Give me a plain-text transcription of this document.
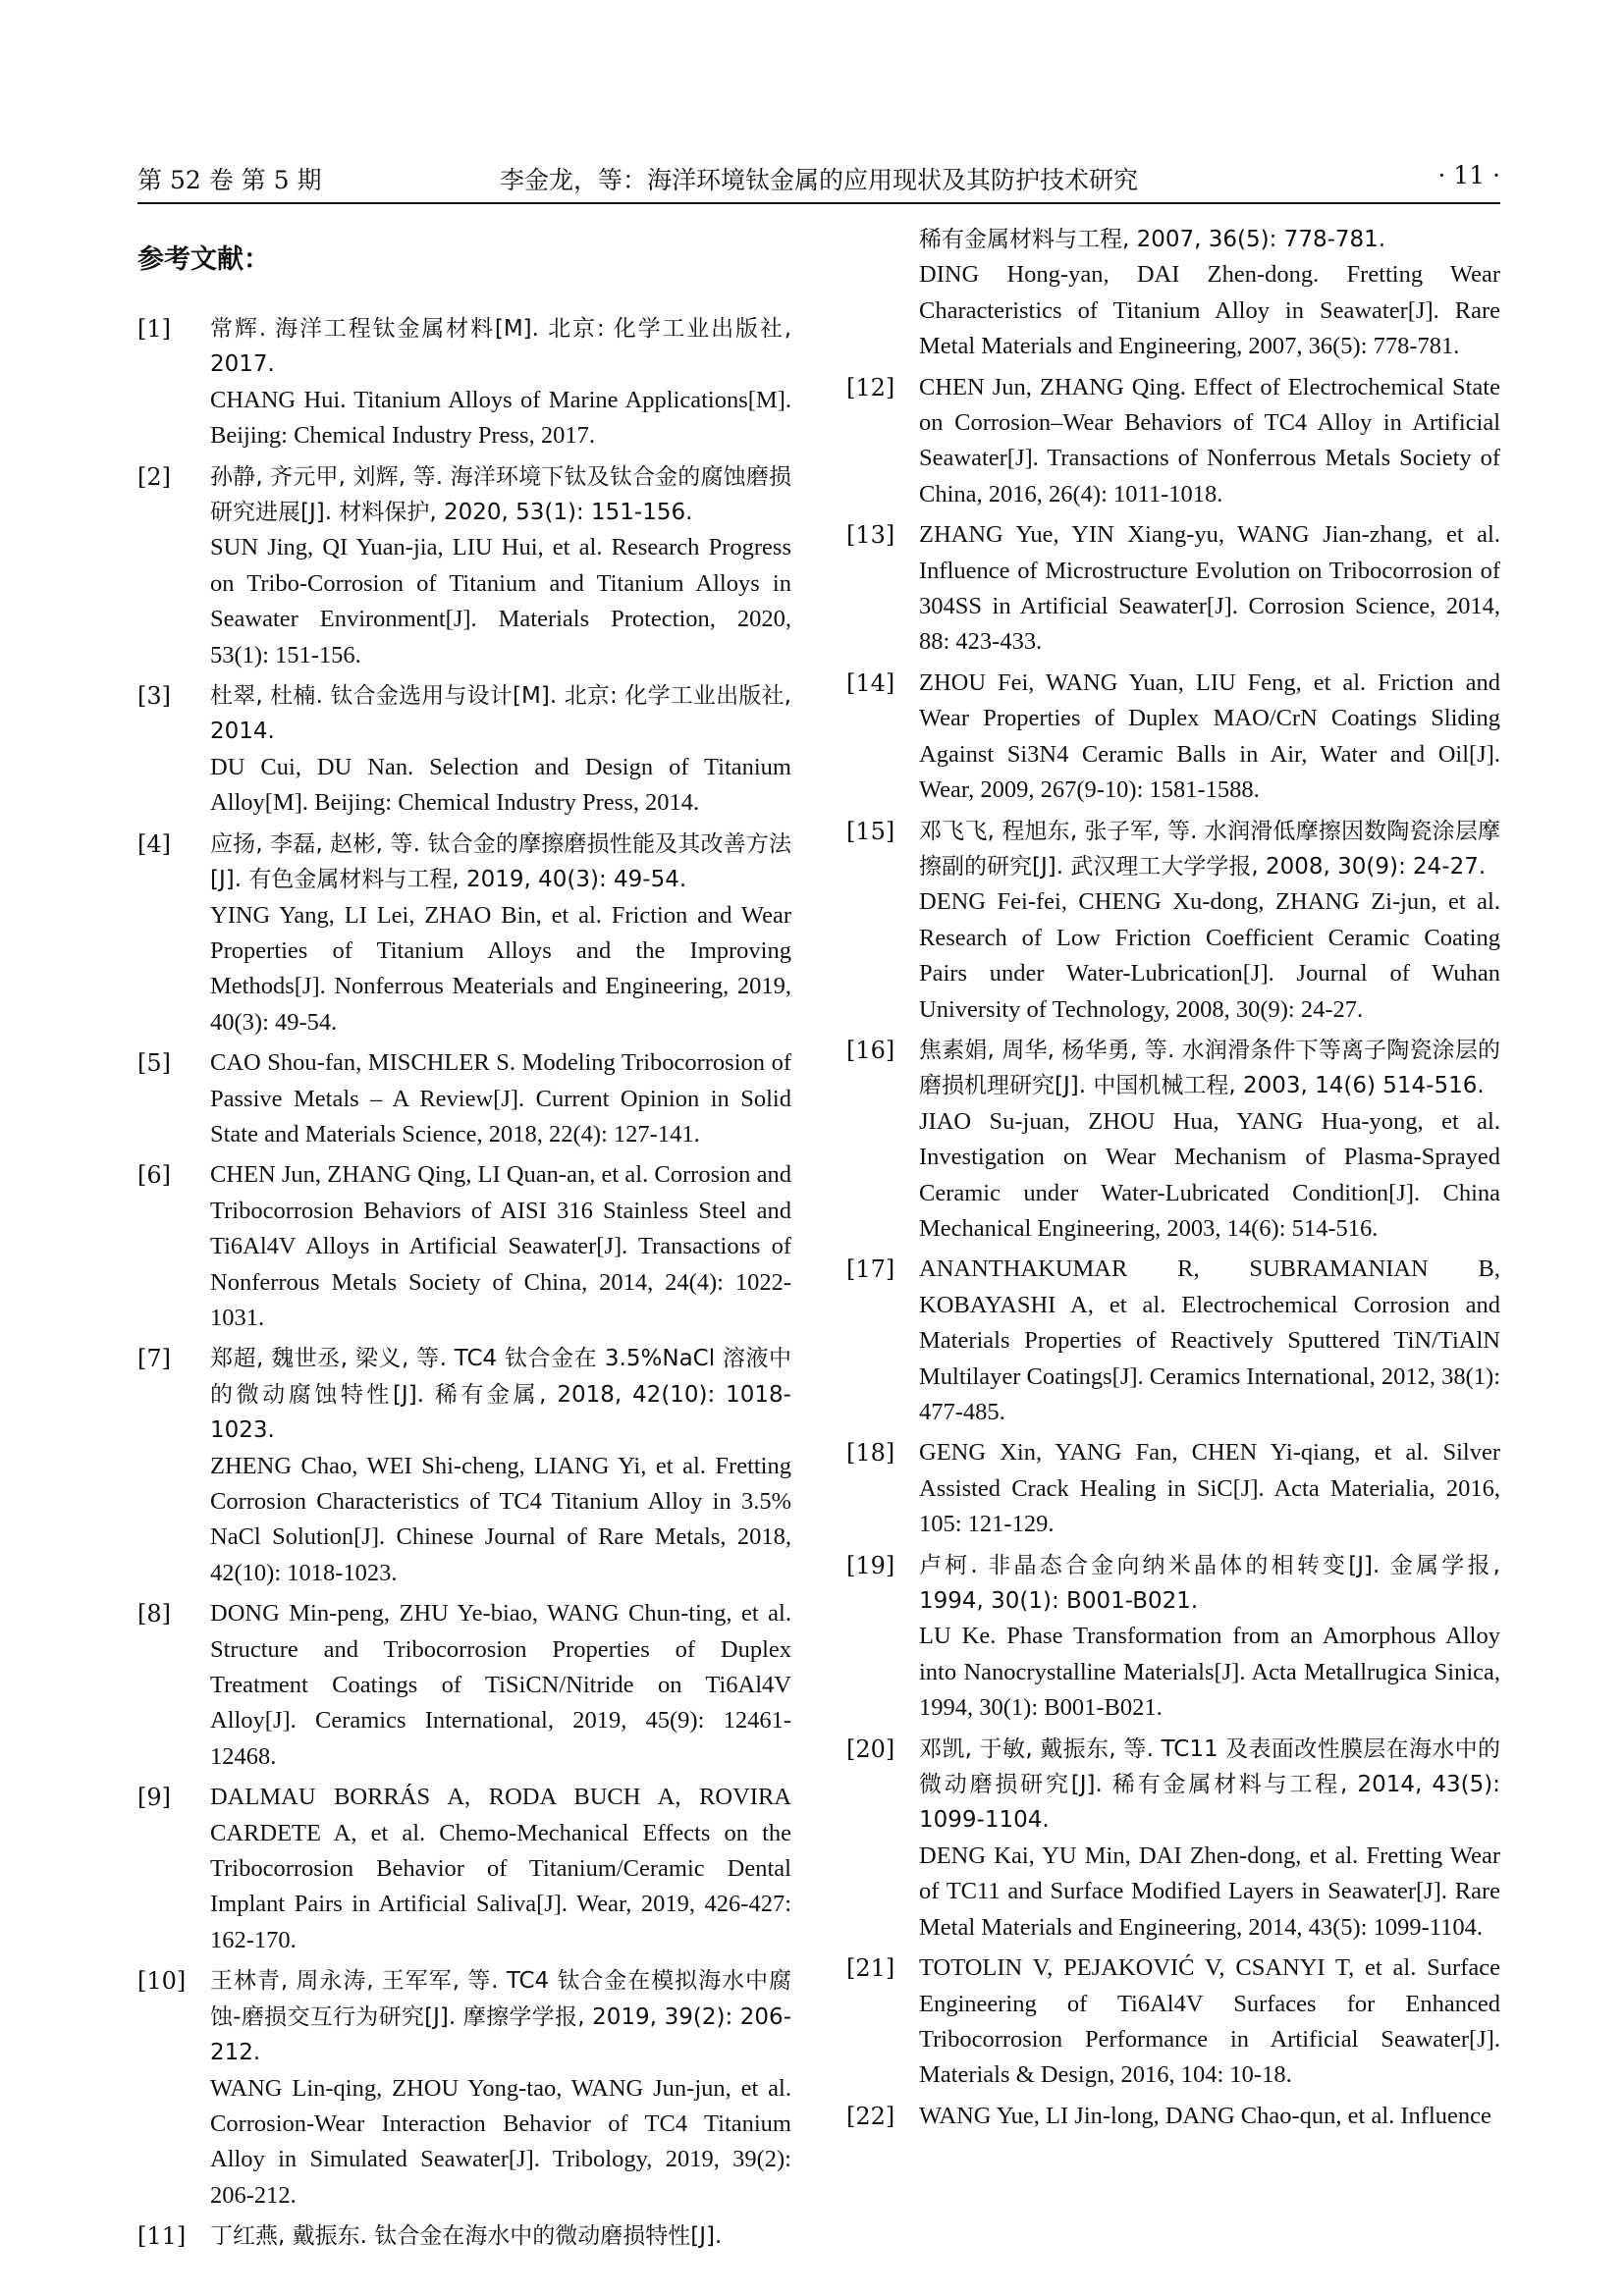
第 52 卷 第 5 期	李金龙，等：海洋环境钛金属的应用现状及其防护技术研究	· 11 ·
参考文献：
[1] 常辉. 海洋工程钛金属材料[M]. 北京: 化学工业出版社, 2017.

CHANG Hui. Titanium Alloys of Marine Applications[M]. Beijing: Chemical Industry Press, 2017.

[2] 孙静, 齐元甲, 刘辉, 等. 海洋环境下钛及钛合金的腐蚀磨损研究进展[J]. 材料保护, 2020, 53(1): 151-156.

SUN Jing, QI Yuan-jia, LIU Hui, et al. Research Progress on Tribo-Corrosion of Titanium and Titanium Alloys in Seawater Environment[J]. Materials Protection, 2020, 53(1): 151-156.

[3] 杜翠, 杜楠. 钛合金选用与设计[M]. 北京: 化学工业出版社, 2014.

DU Cui, DU Nan. Selection and Design of Titanium Alloy[M]. Beijing: Chemical Industry Press, 2014.

[4] 应扬, 李磊, 赵彬, 等. 钛合金的摩擦磨损性能及其改善方法[J]. 有色金属材料与工程, 2019, 40(3): 49-54.

YING Yang, LI Lei, ZHAO Bin, et al. Friction and Wear Properties of Titanium Alloys and the Improving Methods[J]. Nonferrous Meaterials and Engineering, 2019, 40(3): 49-54.

[5] CAO Shou-fan, MISCHLER S. Modeling Tribocorrosion of Passive Metals – A Review[J]. Current Opinion in Solid State and Materials Science, 2018, 22(4): 127-141.

[6] CHEN Jun, ZHANG Qing, LI Quan-an, et al. Corrosion and Tribocorrosion Behaviors of AISI 316 Stainless Steel and Ti6Al4V Alloys in Artificial Seawater[J]. Transactions of Nonferrous Metals Society of China, 2014, 24(4): 1022-1031.

[7] 郑超, 魏世丞, 梁义, 等. TC4 钛合金在 3.5%NaCl 溶液中的微动腐蚀特性[J]. 稀有金属, 2018, 42(10): 1018-1023.

ZHENG Chao, WEI Shi-cheng, LIANG Yi, et al. Fretting Corrosion Characteristics of TC4 Titanium Alloy in 3.5% NaCl Solution[J]. Chinese Journal of Rare Metals, 2018, 42(10): 1018-1023.

[8] DONG Min-peng, ZHU Ye-biao, WANG Chun-ting, et al. Structure and Tribocorrosion Properties of Duplex Treatment Coatings of TiSiCN/Nitride on Ti6Al4V Alloy[J]. Ceramics International, 2019, 45(9): 12461-12468.

[9] DALMAU BORRÁS A, RODA BUCH A, ROVIRA CARDETE A, et al. Chemo-Mechanical Effects on the Tribocorrosion Behavior of Titanium/Ceramic Dental Implant Pairs in Artificial Saliva[J]. Wear, 2019, 426-427: 162-170.

[10] 王林青, 周永涛, 王军军, 等. TC4 钛合金在模拟海水中腐蚀-磨损交互行为研究[J]. 摩擦学学报, 2019, 39(2): 206-212.

WANG Lin-qing, ZHOU Yong-tao, WANG Jun-jun, et al. Corrosion-Wear Interaction Behavior of TC4 Titanium Alloy in Simulated Seawater[J]. Tribology, 2019, 39(2): 206-212.

[11] 丁红燕, 戴振东. 钛合金在海水中的微动磨损特性[J].

稀有金属材料与工程, 2007, 36(5): 778-781.

DING Hong-yan, DAI Zhen-dong. Fretting Wear Characteristics of Titanium Alloy in Seawater[J]. Rare Metal Materials and Engineering, 2007, 36(5): 778-781.

[12] CHEN Jun, ZHANG Qing. Effect of Electrochemical State on Corrosion–Wear Behaviors of TC4 Alloy in Artificial Seawater[J]. Transactions of Nonferrous Metals Society of China, 2016, 26(4): 1011-1018.

[13] ZHANG Yue, YIN Xiang-yu, WANG Jian-zhang, et al. Influence of Microstructure Evolution on Tribocorrosion of 304SS in Artificial Seawater[J]. Corrosion Science, 2014, 88: 423-433.

[14] ZHOU Fei, WANG Yuan, LIU Feng, et al. Friction and Wear Properties of Duplex MAO/CrN Coatings Sliding Against Si3N4 Ceramic Balls in Air, Water and Oil[J]. Wear, 2009, 267(9-10): 1581-1588.

[15] 邓飞飞, 程旭东, 张子军, 等. 水润滑低摩擦因数陶瓷涂层摩擦副的研究[J]. 武汉理工大学学报, 2008, 30(9): 24-27.

DENG Fei-fei, CHENG Xu-dong, ZHANG Zi-jun, et al. Research of Low Friction Coefficient Ceramic Coating Pairs under Water-Lubrication[J]. Journal of Wuhan University of Technology, 2008, 30(9): 24-27.

[16] 焦素娟, 周华, 杨华勇, 等. 水润滑条件下等离子陶瓷涂层的磨损机理研究[J]. 中国机械工程, 2003, 14(6) 514-516.

JIAO Su-juan, ZHOU Hua, YANG Hua-yong, et al. Investigation on Wear Mechanism of Plasma-Sprayed Ceramic under Water-Lubricated Condition[J]. China Mechanical Engineering, 2003, 14(6): 514-516.

[17] ANANTHAKUMAR R, SUBRAMANIAN B, KOBAYASHI A, et al. Electrochemical Corrosion and Materials Properties of Reactively Sputtered TiN/TiAlN Multilayer Coatings[J]. Ceramics International, 2012, 38(1): 477-485.

[18] GENG Xin, YANG Fan, CHEN Yi-qiang, et al. Silver Assisted Crack Healing in SiC[J]. Acta Materialia, 2016, 105: 121-129.

[19] 卢柯. 非晶态合金向纳米晶体的相转变[J]. 金属学报, 1994, 30(1): B001-B021.

LU Ke. Phase Transformation from an Amorphous Alloy into Nanocrystalline Materials[J]. Acta Metallrugica Sinica, 1994, 30(1): B001-B021.

[20] 邓凯, 于敏, 戴振东, 等. TC11 及表面改性膜层在海水中的微动磨损研究[J]. 稀有金属材料与工程, 2014, 43(5): 1099-1104.

DENG Kai, YU Min, DAI Zhen-dong, et al. Fretting Wear of TC11 and Surface Modified Layers in Seawater[J]. Rare Metal Materials and Engineering, 2014, 43(5): 1099-1104.

[21] TOTOLIN V, PEJAKOVIĆ V, CSANYI T, et al. Surface Engineering of Ti6Al4V Surfaces for Enhanced Tribocorrosion Performance in Artificial Seawater[J]. Materials & Design, 2016, 104: 10-18.

[22] WANG Yue, LI Jin-long, DANG Chao-qun, et al. Influence
